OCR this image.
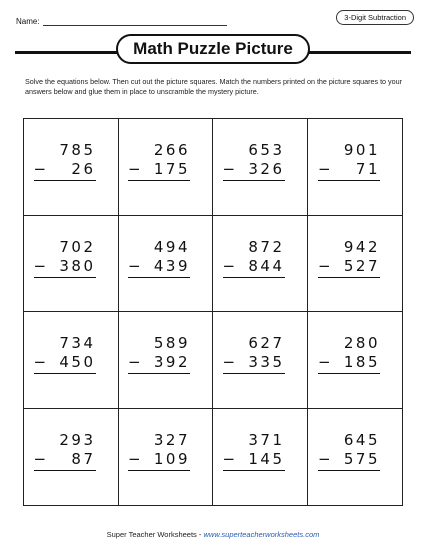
Name:	3-Digit Subtraction
Math Puzzle Picture
Solve the equations below. Then cut out the picture squares. Match the numbers printed on the picture squares to your answers below and glue them in place to unscramble the mystery picture.
785
− 26
266
− 175
653
− 326
901
− 71
702
− 380
494
− 439
872
− 844
942
− 527
734
− 450
589
− 392
627
− 335
280
− 185
293
− 87
327
− 109
371
− 145
645
− 575
Super Teacher Worksheets - www.superteacherworksheets.com
